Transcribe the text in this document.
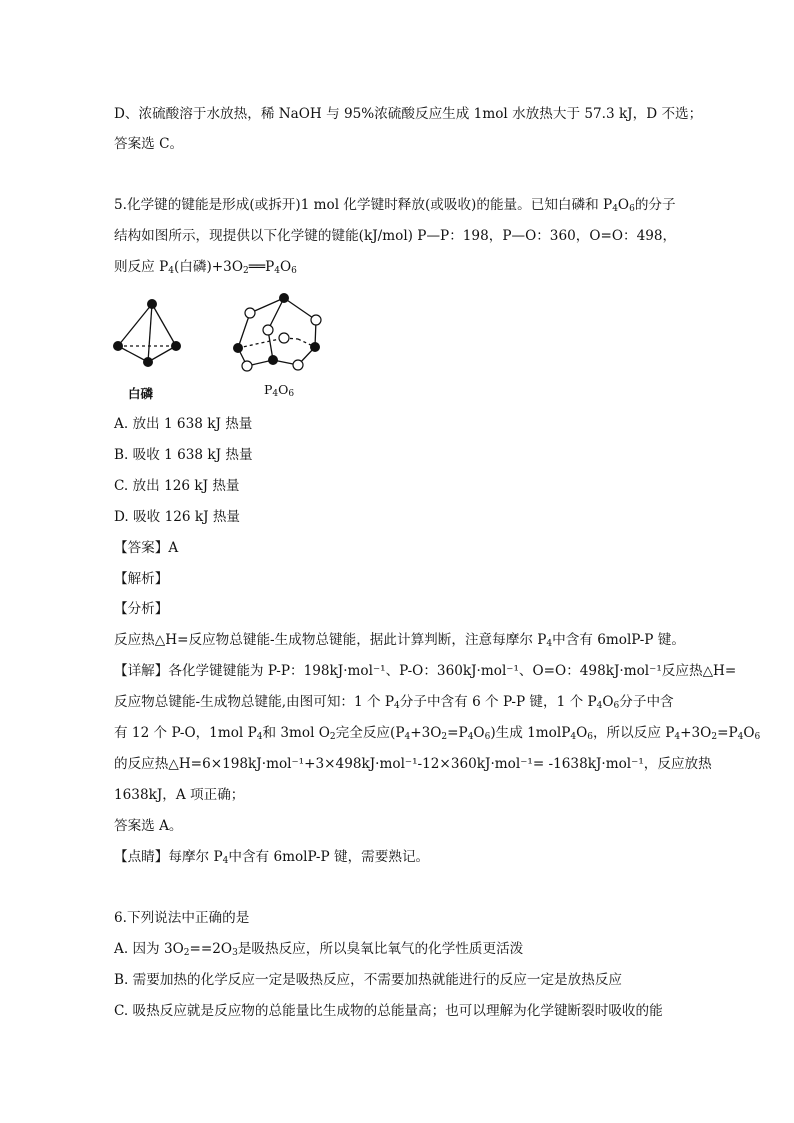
D、浓硫酸溶于水放热，稀 NaOH 与 95%浓硫酸反应生成 1mol 水放热大于 57.3 kJ，D 不选；
答案选 C。
5.化学键的键能是形成(或拆开)1 mol 化学键时释放(或吸收)的能量。已知白磷和 $P_4O_6$的分子
结构如图所示，现提供以下化学键的键能(kJ/mol) P—P：198，P—O：360，O=O：498，
则反应 $P_4$(白磷)$+3O_2══P_4O_6$
白磷	$P_4O_6$
A. 放出 1 638 kJ 热量
B. 吸收 1 638 kJ 热量
C. 放出 126 kJ 热量
D. 吸收 126 kJ 热量
【答案】A
【解析】
【分析】
反应热△H=反应物总键能-生成物总键能，据此计算判断，注意每摩尔 $P_4$中含有 6molP-P 键。
【详解】各化学键键能为 P-P：198kJ·mol⁻¹、P-O：360kJ·mol⁻¹、O=O：498kJ·mol⁻¹反应热△H=
反应物总键能-生成物总键能,由图可知：1 个 $P_4$分子中含有 6 个 P-P 键，1 个 $P_4O_6$分子中含
有 12 个 P-O，1mol $P_4$和 3mol $O_2$完全反应$(P_4+3O_2=P_4O_6)$生成 $1molP_4O_6$，所以反应 $P_4+3O_2=P_4O_6$
的反应热△H=6×198kJ·mol⁻¹+3×498kJ·mol⁻¹-12×360kJ·mol⁻¹= -1638kJ·mol⁻¹，反应放热
1638kJ，A 项正确；
答案选 A。
【点睛】每摩尔 $P_4$中含有 6molP-P 键，需要熟记。
6.下列说法中正确的是
A. 因为 $3O_2==2O_3$是吸热反应，所以臭氧比氧气的化学性质更活泼
B. 需要加热的化学反应一定是吸热反应，不需要加热就能进行的反应一定是放热反应
C. 吸热反应就是反应物的总能量比生成物的总能量高；也可以理解为化学键断裂时吸收的能
